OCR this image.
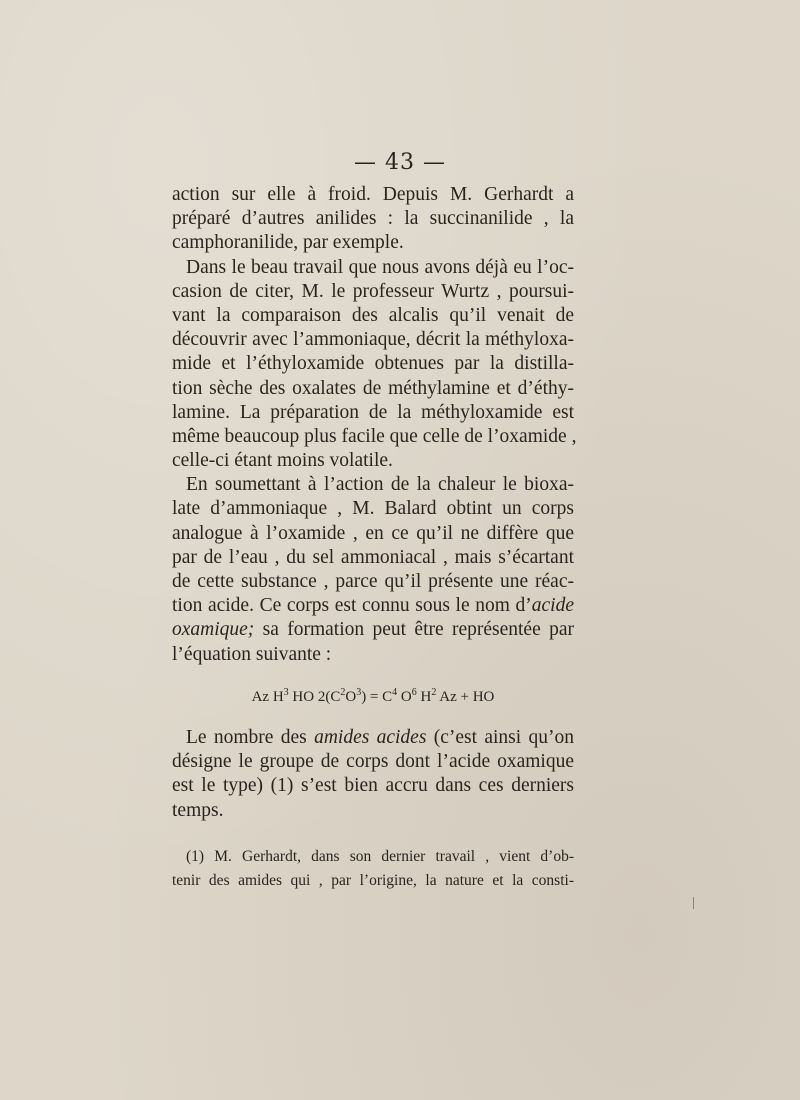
— 43 —

action sur elle à froid. Depuis M. Gerhardt a
préparé d’autres anilides : la succinanilide , la
camphoranilide, par exemple.

Dans le beau travail que nous avons déjà eu l’oc-
casion de citer, M. le professeur Wurtz , poursui-
vant la comparaison des alcalis qu’il venait de
découvrir avec l’ammoniaque, décrit la méthyloxa-
mide et l’éthyloxamide obtenues par la distilla-
tion sèche des oxalates de méthylamine et d’éthy-
lamine. La préparation de la méthyloxamide est
même beaucoup plus facile que celle de l’oxamide ,
celle-ci étant moins volatile.

En soumettant à l’action de la chaleur le bioxa-
late d’ammoniaque , M. Balard obtint un corps
analogue à l’oxamide , en ce qu’il ne diffère que
par de l’eau , du sel ammoniacal , mais s’écartant
de cette substance , parce qu’il présente une réac-
tion acide. Ce corps est connu sous le nom d’acide
oxamique; sa formation peut être représentée par
l’équation suivante :

Az $H^3$ HO $2(C^2O^3) = C^4$ $O^6$ $H^2$ Az + HO
Le nombre des amides acides (c’est ainsi qu’on
désigne le groupe de corps dont l’acide oxamique
est le type) (1) s’est bien accru dans ces derniers
temps.
(1) M. Gerhardt, dans son dernier travail , vient d’ob-
tenir des amides qui , par l’origine, la nature et la consti-
